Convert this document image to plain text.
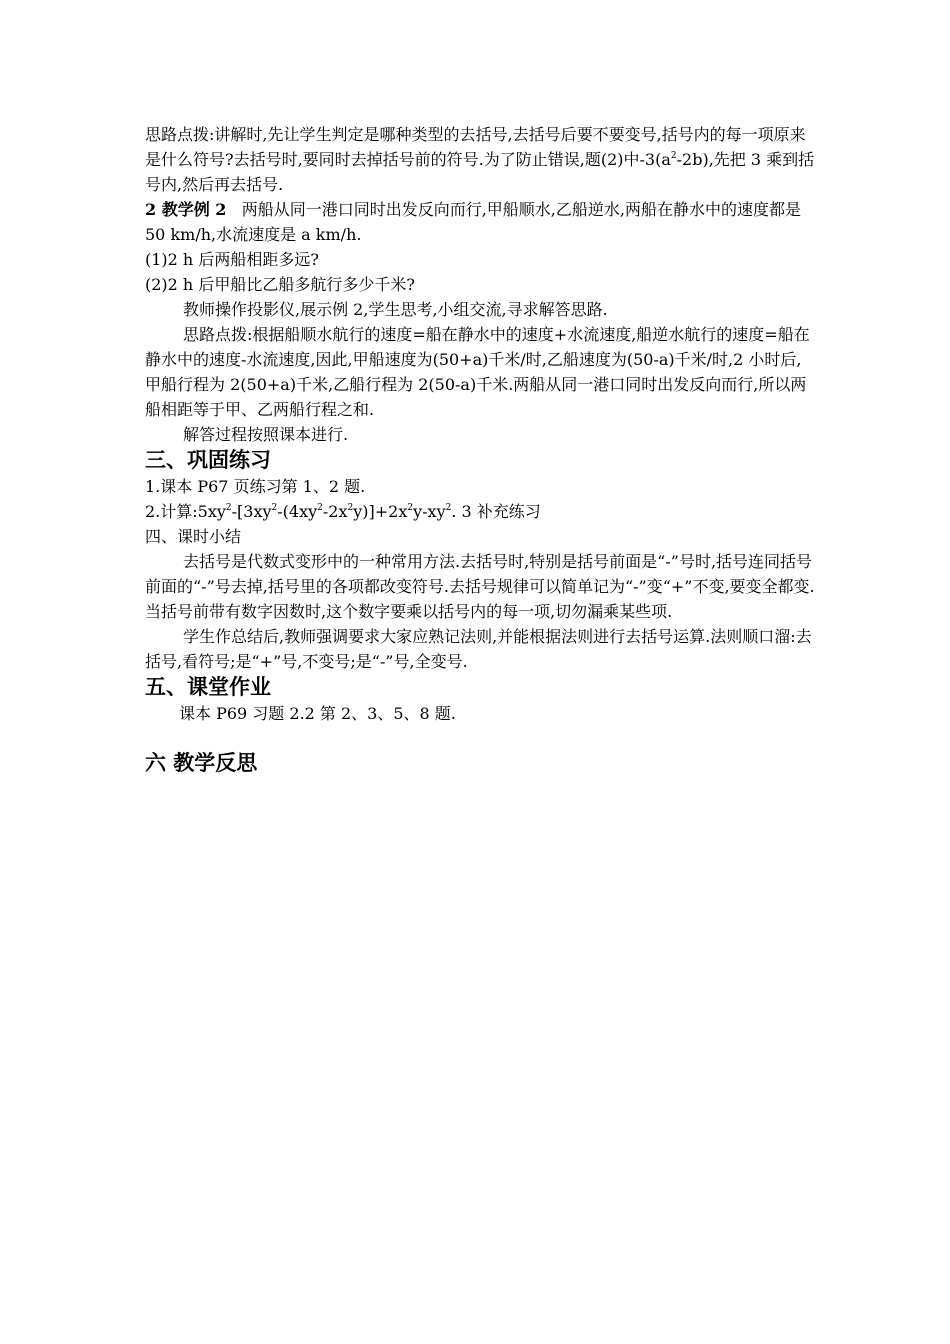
思路点拨:讲解时,先让学生判定是哪种类型的去括号,去括号后要不要变号,括号内的每一项原来是什么符号?去括号时,要同时去掉括号前的符号.为了防止错误,题(2)中$-3(a^2-2b)$,先把 3 乘到括号内,然后再去括号.

2 教学例 2 两船从同一港口同时出发反向而行,甲船顺水,乙船逆水,两船在静水中的速度都是 50 km/h,水流速度是 a km/h.

(1)2 h 后两船相距多远?

(2)2 h 后甲船比乙船多航行多少千米?

教师操作投影仪,展示例 2,学生思考,小组交流,寻求解答思路.

思路点拨:根据船顺水航行的速度=船在静水中的速度+水流速度,船逆水航行的速度=船在静水中的速度-水流速度,因此,甲船速度为(50+a)千米/时,乙船速度为(50-a)千米/时,2 小时后,甲船行程为 2(50+a)千米,乙船行程为 2(50-a)千米.两船从同一港口同时出发反向而行,所以两船相距等于甲、乙两船行程之和.

解答过程按照课本进行.

三、巩固练习

1.课本 P67 页练习第 1、2 题.

2.计算$:5xy^2-[3xy^2-(4xy^2-2x^2y)]+2x^2y-xy^2$. 3 补充练习

四、课时小结

去括号是代数式变形中的一种常用方法.去括号时,特别是括号前面是“-”号时,括号连同括号前面的“-”号去掉,括号里的各项都改变符号.去括号规律可以简单记为“-”变“+”不变,要变全都变.当括号前带有数字因数时,这个数字要乘以括号内的每一项,切勿漏乘某些项.

学生作总结后,教师强调要求大家应熟记法则,并能根据法则进行去括号运算.法则顺口溜:去括号,看符号;是“+”号,不变号;是“-”号,全变号.

五、课堂作业

课本 P69 习题 2.2 第 2、3、5、8 题.

六 教学反思
